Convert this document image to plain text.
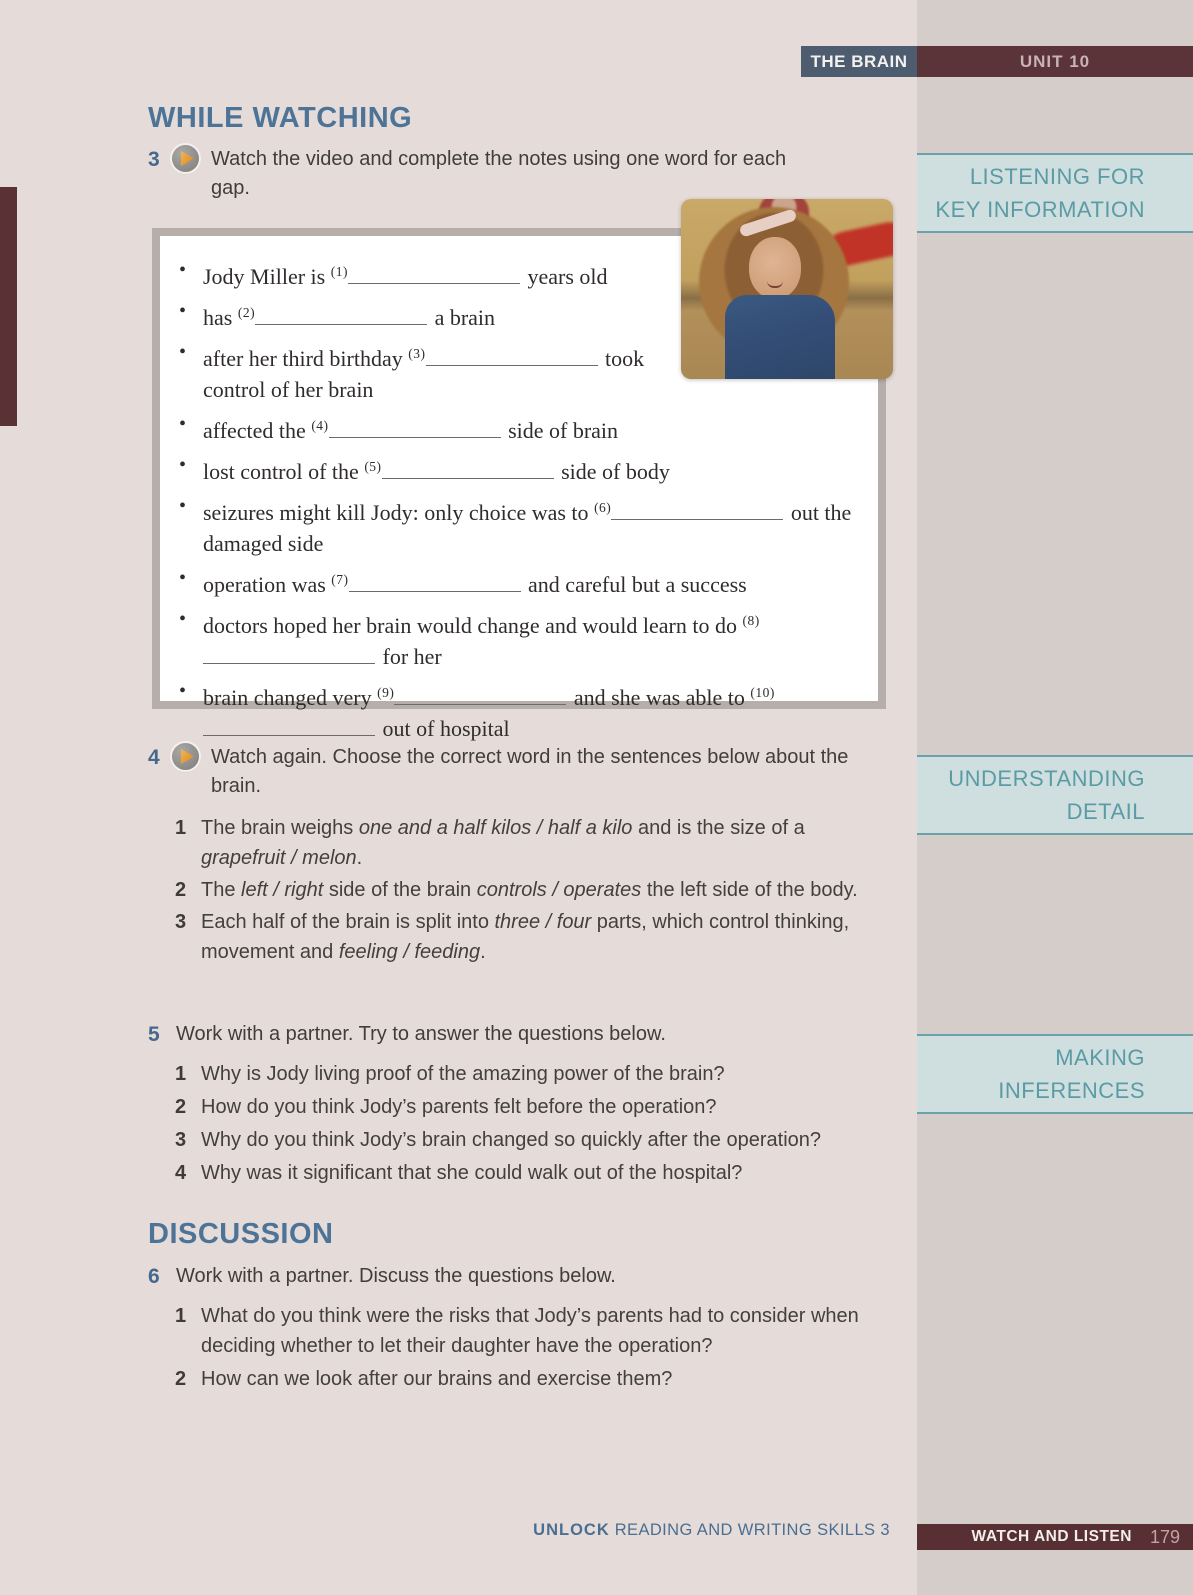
THE BRAIN	UNIT 10
LISTENING FOR KEY INFORMATION
UNDERSTANDING DETAIL
MAKING INFERENCES
WHILE WATCHING
3	Watch the video and complete the notes using one word for each gap.
• Jody Miller is $^{(1)}$	years old
• has $^{(2)}$	a brain
• after her third birthday $^{(3)}$	took control of her brain
• affected the $^{(4)}$	side of brain
• lost control of the $^{(5)}$	side of body
• seizures might kill Jody: only choice was to $^{(6)}$	out the damaged side
• operation was $^{(7)}$	and careful but a success
• doctors hoped her brain would change and would learn to do $^{(8)}$ for her
• brain changed very $^{(9)}$	and she was able to $^{(10)}$ out of hospital
4	Watch again. Choose the correct word in the sentences below about the brain.
The brain weighs one and a half kilos / half a kilo and is the size of a grapefruit / melon.
The left / right side of the brain controls / operates the left side of the body.
Each half of the brain is split into three / four parts, which control thinking, movement and feeling / feeding.
5 Work with a partner. Try to answer the questions below.
Why is Jody living proof of the amazing power of the brain?
How do you think Jody’s parents felt before the operation?
Why do you think Jody’s brain changed so quickly after the operation?
Why was it significant that she could walk out of the hospital?
DISCUSSION
6 Work with a partner. Discuss the questions below.
What do you think were the risks that Jody’s parents had to consider when deciding whether to let their daughter have the operation?
How can we look after our brains and exercise them?
UNLOCK READING AND WRITING SKILLS 3	WATCH AND LISTEN 179
